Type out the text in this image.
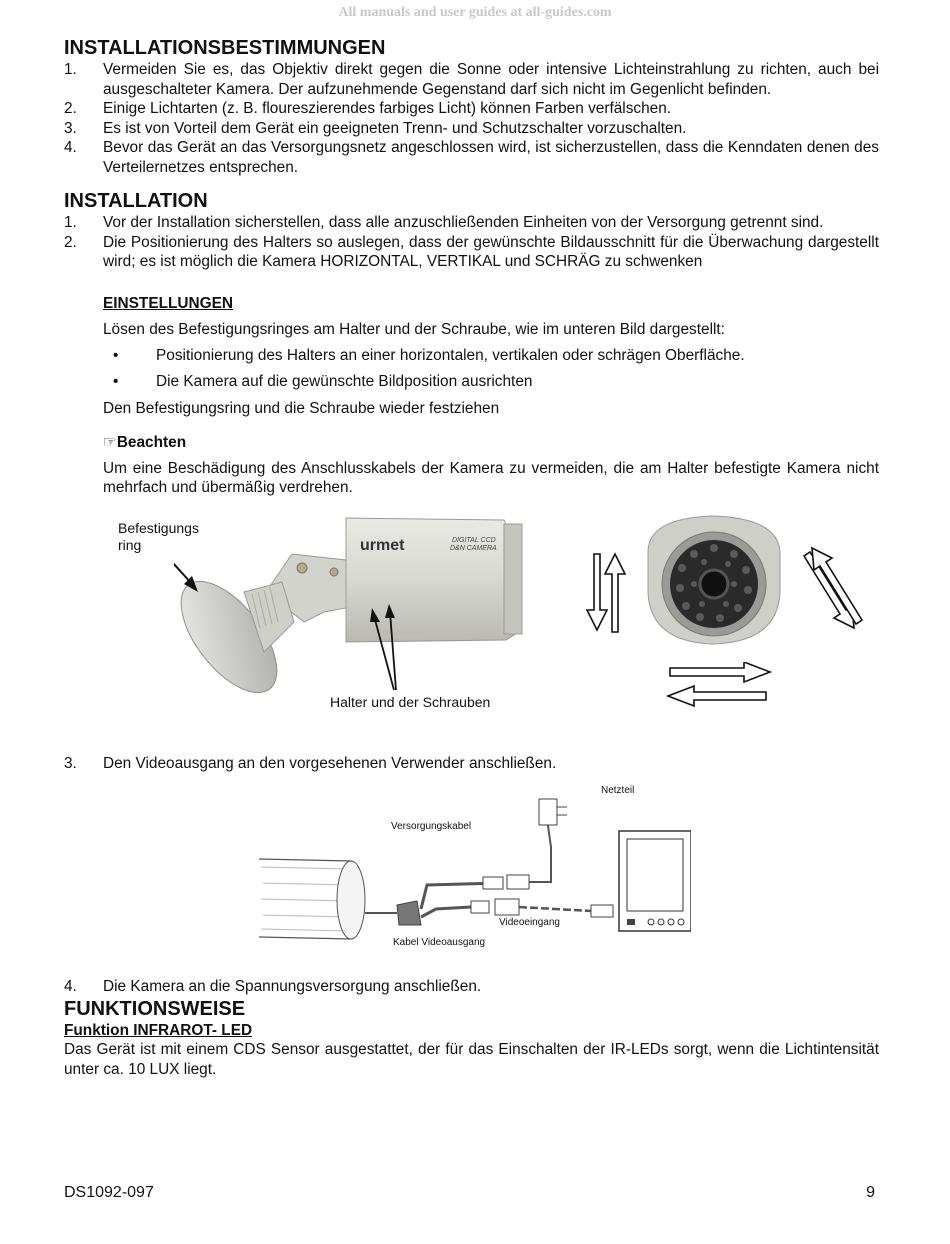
All manuals and user guides at all-guides.com
INSTALLATIONSBESTIMMUNGEN
1. Vermeiden Sie es, das Objektiv direkt gegen die Sonne oder intensive Lichteinstrahlung zu richten, auch bei ausgeschalteter Kamera. Der aufzunehmende Gegenstand darf sich nicht im Gegenlicht befinden.
2. Einige Lichtarten (z. B. floureszierendes farbiges Licht) können Farben verfälschen.
3. Es ist von Vorteil dem Gerät ein geeigneten Trenn- und Schutzschalter vorzuschalten.
4. Bevor das Gerät an das Versorgungsnetz angeschlossen wird, ist sicherzustellen, dass die Kenndaten denen des Verteilernetzes entsprechen.
INSTALLATION
1. Vor der Installation sicherstellen, dass alle anzuschließenden Einheiten von der Versorgung getrennt sind.
2. Die Positionierung des Halters so auslegen, dass der gewünschte Bildausschnitt für die Überwachung dargestellt wird; es ist möglich die Kamera HORIZONTAL, VERTIKAL und SCHRÄG zu schwenken
EINSTELLUNGEN

Lösen des Befestigungsringes am Halter und der Schraube, wie im unteren Bild dargestellt:

• Positionierung des Halters an einer horizontalen, vertikalen oder schrägen Oberfläche.
• Die Kamera auf die gewünschte Bildposition ausrichten

Den Befestigungsring und die Schraube wieder festziehen

☞Beachten
Um eine Beschädigung des Anschlusskabels der Kamera zu vermeiden, die am Halter befestigte Kamera nicht mehrfach und übermäßig verdrehen.
Befestigungs
ring
Halter und der Schrauben
urmet	DIGITAL CCD
D&N CAMERA
3. Den Videoausgang an den vorgesehenen Verwender anschließen.
Netzteil
Versorgungskabel
Videoeingang
Kabel Videoausgang
4. Die Kamera an die Spannungsversorgung anschließen.
FUNKTIONSWEISE
Funktion INFRAROT- LED
Das Gerät ist mit einem CDS Sensor ausgestattet, der für das Einschalten der IR-LEDs sorgt, wenn die Lichtintensität unter ca. 10 LUX liegt.
DS1092-097	9
